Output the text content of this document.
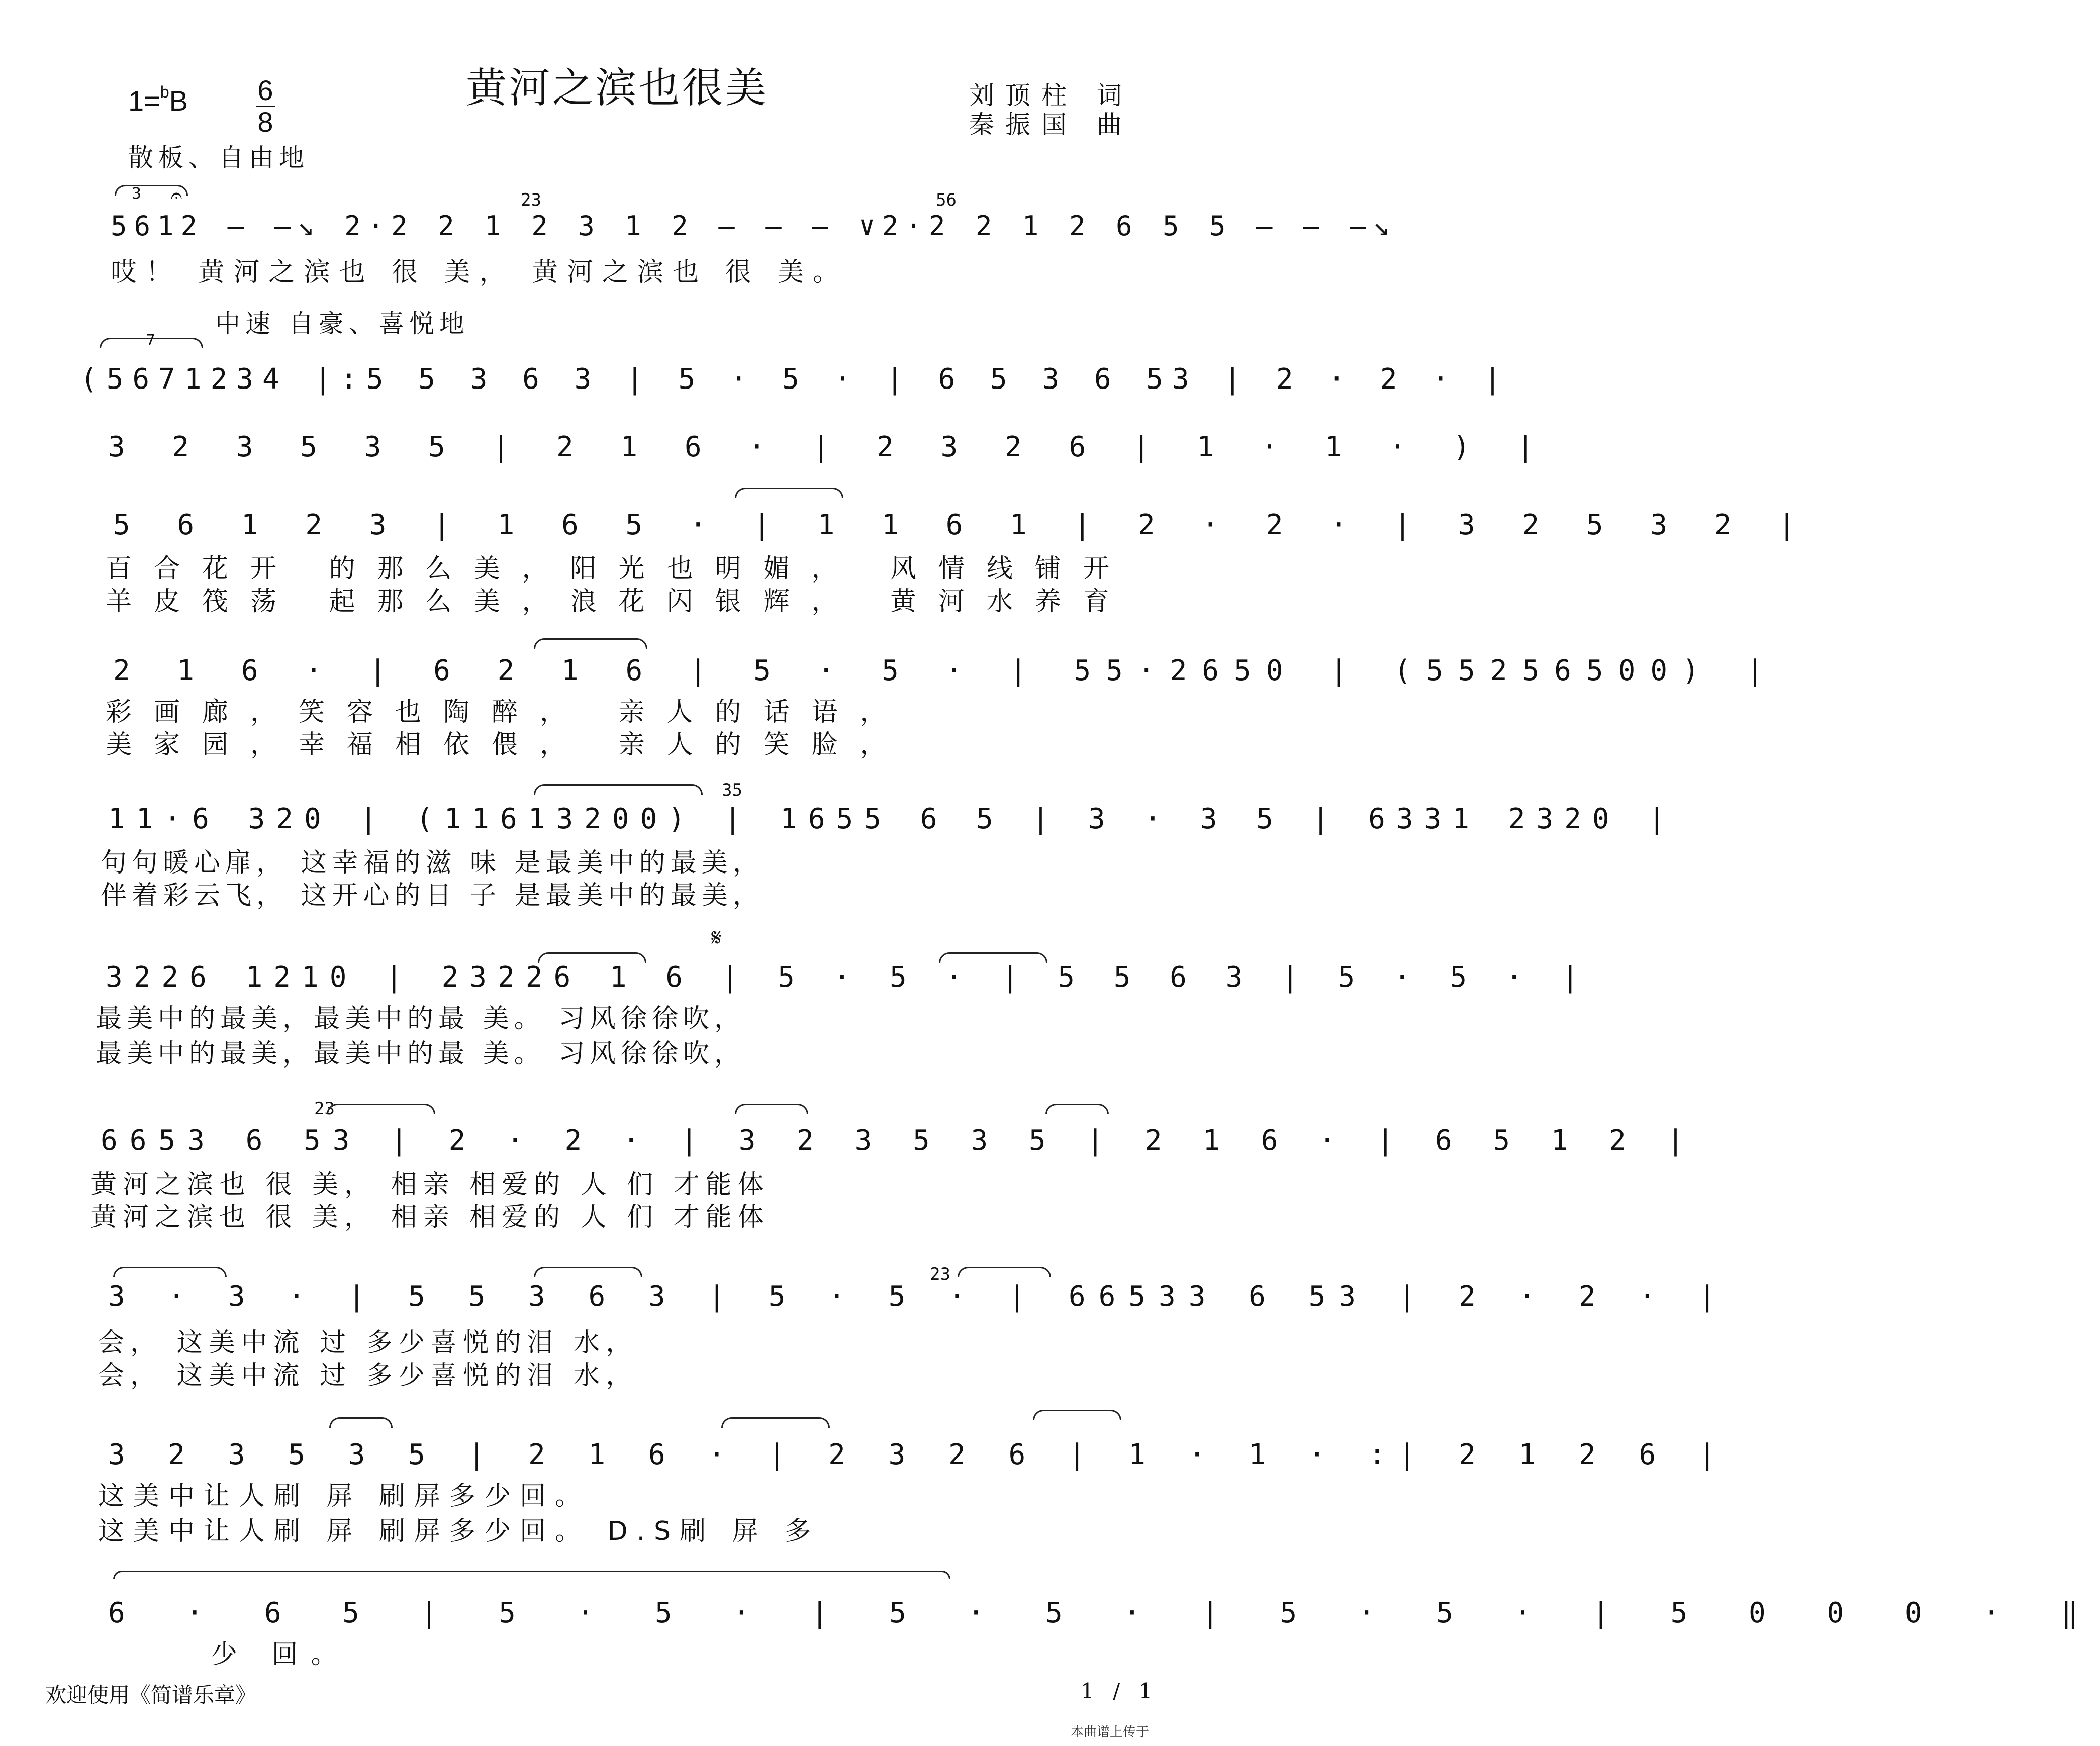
黄河之滨也很美
1=$^b$B 6
8
刘顶柱 词
秦振国 曲
散板、自由地
3 𝄐	23	56
5612 – –↘ 2·2 2 1 2 3 1 2 – – – ∨2·2 2 1 2 6 5 5 – – –↘
哎！ 黄河之滨也 很 美， 黄河之滨也 很 美。
中速 自豪、喜悦地
7
(5671234 |:5 5 3 6 3 | 5 · 5 · | 6 5 3 6 53 | 2 · 2 · |
3 2 3 5 3 5 | 2 1 6 · | 2 3 2 6 | 1 · 1 · ) |
5 6 1 2 3 | 1 6 5 · | 1 1 6 1 | 2 · 2 · | 3 2 5 3 2 |
百合花开 的那么美，阳光也明媚， 风情线铺开
羊皮筏荡 起那么美，浪花闪银辉， 黄河水养育
2 1 6 · | 6 2 1 6 | 5 · 5 · | 55·2650 | (55256500) |
彩画廊，笑容也陶醉， 亲人的话语，
美家园，幸福相依偎， 亲人的笑脸，
35
11·6 320 | (11613200) | 1655 6 5 | 3 · 3 5 | 6331 2320 |
句句暖心扉， 这幸福的滋 味 是最美中的最美，
伴着彩云飞， 这开心的日 子 是最美中的最美，
𝄋
3226 1210 | 23226 1 6 | 5 · 5 · | 5 5 6 3 | 5 · 5 · |
最美中的最美，最美中的最 美。 习风徐徐吹，
最美中的最美，最美中的最 美。 习风徐徐吹，
23
6653 6 53 | 2 · 2 · | 3 2 3 5 3 5 | 2 1 6 · | 6 5 1 2 |
黄河之滨也 很 美， 相亲 相爱的 人 们 才能体
黄河之滨也 很 美， 相亲 相爱的 人 们 才能体
23
3 · 3 · | 5 5 3 6 3 | 5 · 5 · | 66533 6 53 | 2 · 2 · |
会， 这美中流 过 多少喜悦的泪 水，
会， 这美中流 过 多少喜悦的泪 水，
3 2 3 5 3 5 | 2 1 6 · | 2 3 2 6 | 1 · 1 · :| 2 1 2 6 |
这美中让人刷 屏 刷屏多少回。
这美中让人刷 屏 刷屏多少回。 D.S刷 屏 多
6 · 6 5 | 5 · 5 · | 5 · 5 · | 5 · 5 · | 5 0 0 0 · ‖
少 回。
欢迎使用《简谱乐章》	1 / 1
本曲谱上传于
